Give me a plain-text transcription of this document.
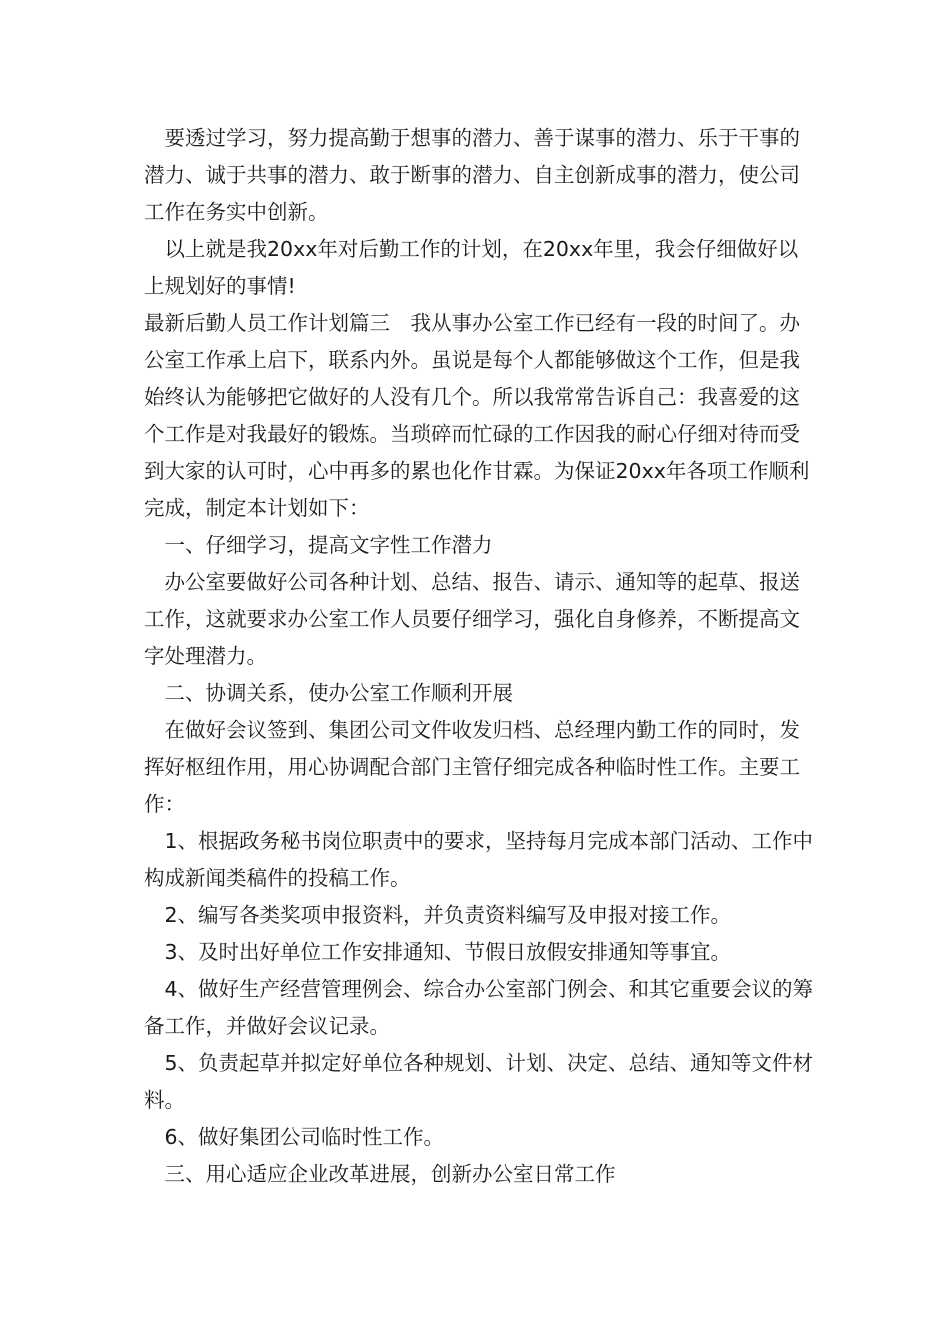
　要透过学习，努力提高勤于想事的潜力、善于谋事的潜力、乐于干事的潜力、诚于共事的潜力、敢于断事的潜力、自主创新成事的潜力，使公司工作在务实中创新。

　以上就是我20xx年对后勤工作的计划，在20xx年里，我会仔细做好以上规划好的事情!

最新后勤人员工作计划篇三　我从事办公室工作已经有一段的时间了。办公室工作承上启下，联系内外。虽说是每个人都能够做这个工作，但是我始终认为能够把它做好的人没有几个。所以我常常告诉自己：我喜爱的这个工作是对我最好的锻炼。当琐碎而忙碌的工作因我的耐心仔细对待而受到大家的认可时，心中再多的累也化作甘霖。为保证20xx年各项工作顺利完成，制定本计划如下：

　一、仔细学习，提高文字性工作潜力

　办公室要做好公司各种计划、总结、报告、请示、通知等的起草、报送工作，这就要求办公室工作人员要仔细学习，强化自身修养，不断提高文字处理潜力。

　二、协调关系，使办公室工作顺利开展

　在做好会议签到、集团公司文件收发归档、总经理内勤工作的同时，发挥好枢纽作用，用心协调配合部门主管仔细完成各种临时性工作。主要工作：

　1、根据政务秘书岗位职责中的要求，坚持每月完成本部门活动、工作中构成新闻类稿件的投稿工作。

　2、编写各类奖项申报资料，并负责资料编写及申报对接工作。

　3、及时出好单位工作安排通知、节假日放假安排通知等事宜。

　4、做好生产经营管理例会、综合办公室部门例会、和其它重要会议的筹备工作，并做好会议记录。

　5、负责起草并拟定好单位各种规划、计划、决定、总结、通知等文件材料。

　6、做好集团公司临时性工作。

　三、用心适应企业改革进展，创新办公室日常工作
